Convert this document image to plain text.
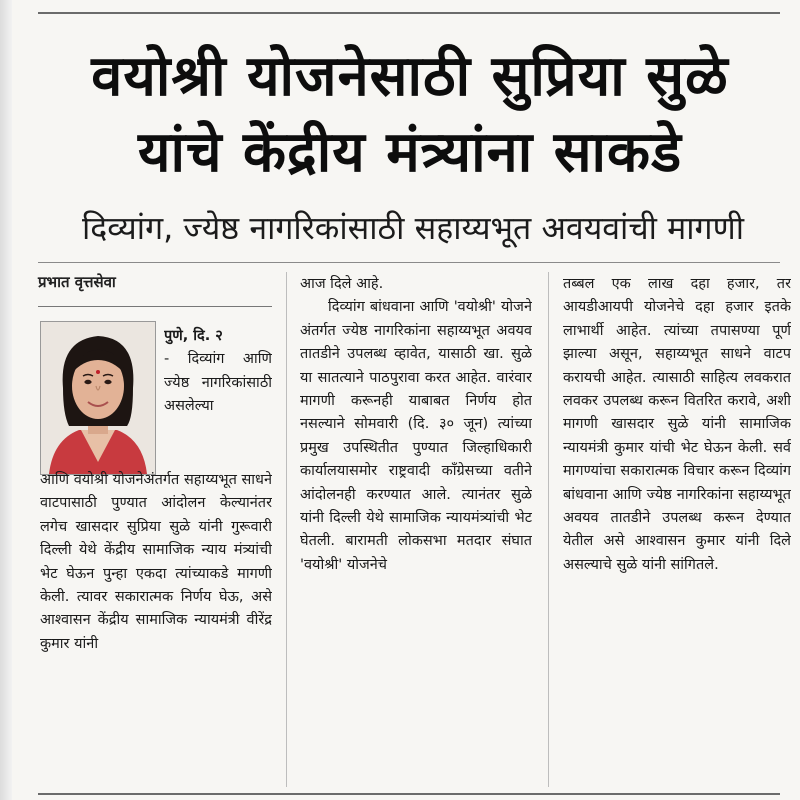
वयोश्री योजनेसाठी सुप्रिया सुळे
यांचे केंद्रीय मंत्र्यांना साकडे
दिव्यांग, ज्येष्ठ नागरिकांसाठी सहाय्यभूत अवयवांची मागणी
प्रभात वृत्तसेवा

पुणे, दि. २

- दिव्यांग आणि ज्येष्ठ नागरिकांसाठी असलेल्या

आणि वयोश्री योजनेअंतर्गत सहाय्यभूत साधने वाटपासाठी पुण्यात आंदोलन केल्यानंतर लगेच खासदार सुप्रिया सुळे यांनी गुरूवारी दिल्ली येथे केंद्रीय सामाजिक न्याय मंत्र्यांची भेट घेऊन पुन्हा एकदा त्यांच्याकडे मागणी केली. त्यावर सकारात्मक निर्णय घेऊ, असे आश्वासन केंद्रीय सामाजिक न्यायमंत्री वीरेंद्र कुमार यांनी

आज दिले आहे.

दिव्यांग बांधवाना आणि 'वयोश्री' योजने अंतर्गत ज्येष्ठ नागरिकांना सहाय्यभूत अवयव तातडीने उपलब्ध व्हावेत, यासाठी खा. सुळे या सातत्याने पाठपुरावा करत आहेत. वारंवार मागणी करूनही याबाबत निर्णय होत नसल्याने सोमवारी (दि. ३० जून) त्यांच्या प्रमुख उपस्थितीत पुण्यात जिल्हाधिकारी कार्यालयासमोर राष्ट्रवादी काँग्रेसच्या वतीने आंदोलनही करण्यात आले. त्यानंतर सुळे यांनी दिल्ली येथे सामाजिक न्यायमंत्र्यांची भेट घेतली. बारामती लोकसभा मतदार संघात 'वयोश्री' योजनेचे

तब्बल एक लाख दहा हजार, तर आयडीआयपी योजनेचे दहा हजार इतके लाभार्थी आहेत. त्यांच्या तपासण्या पूर्ण झाल्या असून, सहाय्यभूत साधने वाटप करायची आहेत. त्यासाठी साहित्य लवकरात लवकर उपलब्ध करून वितरित करावे, अशी मागणी खासदार सुळे यांनी सामाजिक न्यायमंत्री कुमार यांची भेट घेऊन केली. सर्व मागण्यांचा सकारात्मक विचार करून दिव्यांग बांधवाना आणि ज्येष्ठ नागरिकांना सहाय्यभूत अवयव तातडीने उपलब्ध करून देण्यात येतील असे आश्वासन कुमार यांनी दिले असल्याचे सुळे यांनी सांगितले.
